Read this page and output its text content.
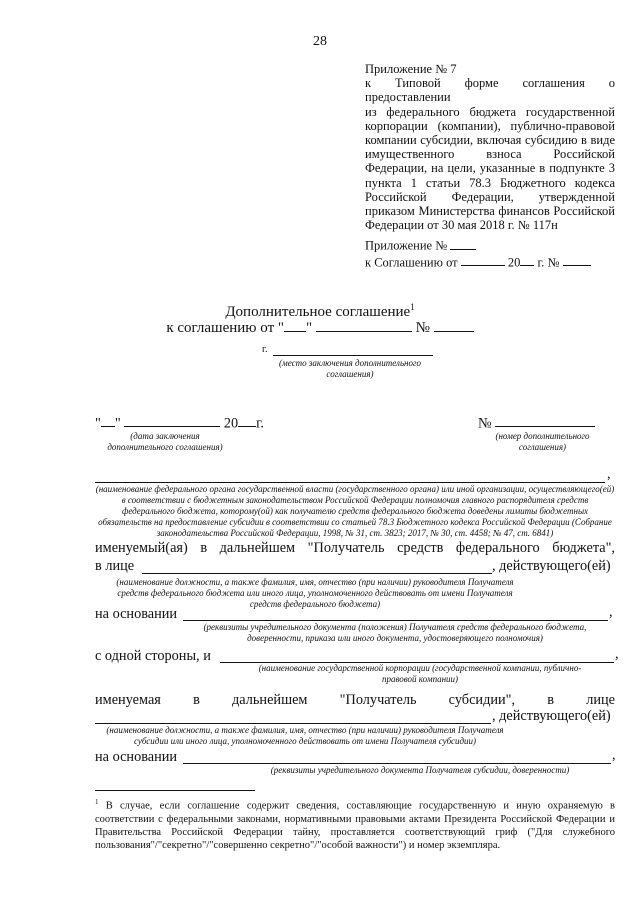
28

Приложение № 7

к Типовой форме соглашения о предоставлении

из федерального бюджета государственной

корпорации (компании), публично-правовой

компании субсидии, включая субсидию в виде

имущественного взноса Российской

Федерации, на цели, указанные в подпункте 3

пункта 1 статьи 78.3 Бюджетного кодекса

Российской Федерации, утвержденной

приказом Министерства финансов Российской

Федерации от 30 мая 2018 г. № 117н

Приложение №

к Соглашению от	20 г. №

Дополнительное соглашение$^1$
к соглашению от " "	№
г.
(место заключения дополнительного соглашения)
" "	20 г.
(дата заключения дополнительного соглашения)
№
(номер дополнительного соглашения)
,
(наименование федерального органа государственной власти (государственного органа) или иной организации, осуществляющего(ей) в соответствии с бюджетным законодательством Российской Федерации полномочия главного распорядителя средств федерального бюджета, которому(ой) как получателю средств федерального бюджета доведены лимиты бюджетных обязательств на предоставление субсидии в соответствии со статьей 78.3 Бюджетного кодекса Российской Федерации (Собрание законодательства Российской Федерации, 1998, № 31, ст. 3823; 2017, № 30, ст. 4458; № 47, ст. 6841)
именуемый(ая) в дальнейшем "Получатель средств федерального бюджета",
в лице	, действующего(ей)
(наименование должности, а также фамилия, имя, отчество (при наличии) руководителя Получателя средств федерального бюджета или иного лица, уполномоченного действовать от имени Получателя средств федерального бюджета)
на основании	,
(реквизиты учредительного документа (положения) Получателя средств федерального бюджета, доверенности, приказа или иного документа, удостоверяющего полномочия)
с одной стороны, и	,
(наименование государственной корпорации (государственной компании, публично-правовой компании)
именуемая в дальнейшем "Получатель субсидии", в лице
, действующего(ей)
(наименование должности, а также фамилия, имя, отчество (при наличии) руководителя Получателя субсидии или иного лица, уполномоченного действовать от имени Получателя субсидии)
на основании	,
(реквизиты учредительного документа Получателя субсидии, доверенности)
$^1$ В случае, если соглашение содержит сведения, составляющие государственную и иную охраняемую в соответствии с федеральными законами, нормативными правовыми актами Президента Российской Федерации и Правительства Российской Федерации тайну, проставляется соответствующий гриф ("Для служебного пользования"/"секретно"/"совершенно секретно"/"особой важности") и номер экземпляра.
